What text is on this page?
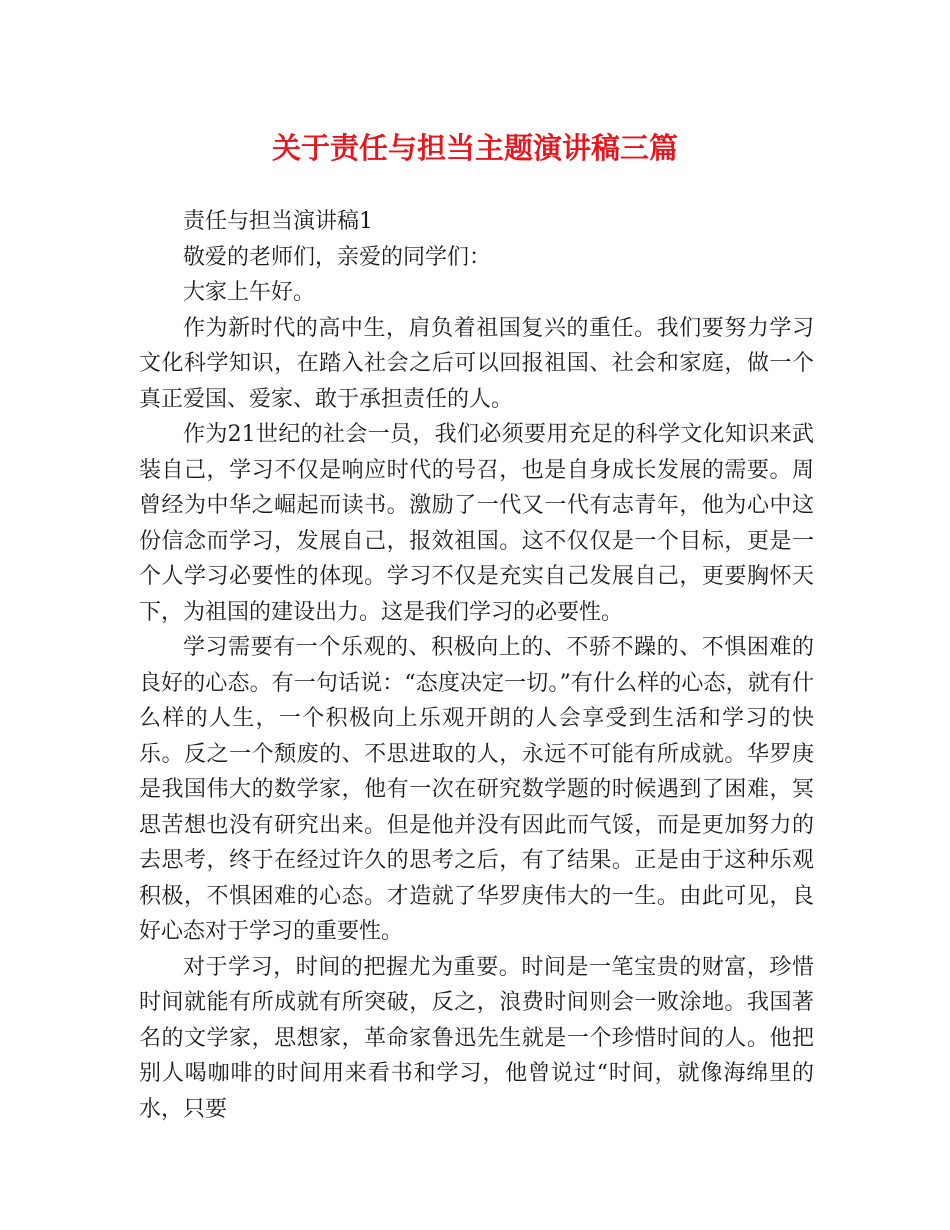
关于责任与担当主题演讲稿三篇

责任与担当演讲稿1

敬爱的老师们，亲爱的同学们：

大家上午好。

作为新时代的高中生，肩负着祖国复兴的重任。我们要努力学习文化科学知识，在踏入社会之后可以回报祖国、社会和家庭，做一个真正爱国、爱家、敢于承担责任的人。

作为21世纪的社会一员，我们必须要用充足的科学文化知识来武装自己，学习不仅是响应时代的号召，也是自身成长发展的需要。周曾经为中华之崛起而读书。激励了一代又一代有志青年，他为心中这份信念而学习，发展自己，报效祖国。这不仅仅是一个目标，更是一个人学习必要性的体现。学习不仅是充实自己发展自己，更要胸怀天下，为祖国的建设出力。这是我们学习的必要性。

学习需要有一个乐观的、积极向上的、不骄不躁的、不惧困难的良好的心态。有一句话说：“态度决定一切。”有什么样的心态，就有什么样的人生，一个积极向上乐观开朗的人会享受到生活和学习的快乐。反之一个颓废的、不思进取的人，永远不可能有所成就。华罗庚是我国伟大的数学家，他有一次在研究数学题的时候遇到了困难，冥思苦想也没有研究出来。但是他并没有因此而气馁，而是更加努力的去思考，终于在经过许久的思考之后，有了结果。正是由于这种乐观积极，不惧困难的心态。才造就了华罗庚伟大的一生。由此可见，良好心态对于学习的重要性。

对于学习，时间的把握尤为重要。时间是一笔宝贵的财富，珍惜时间就能有所成就有所突破，反之，浪费时间则会一败涂地。我国著名的文学家，思想家，革命家鲁迅先生就是一个珍惜时间的人。他把别人喝咖啡的时间用来看书和学习，他曾说过“时间，就像海绵里的水，只要
